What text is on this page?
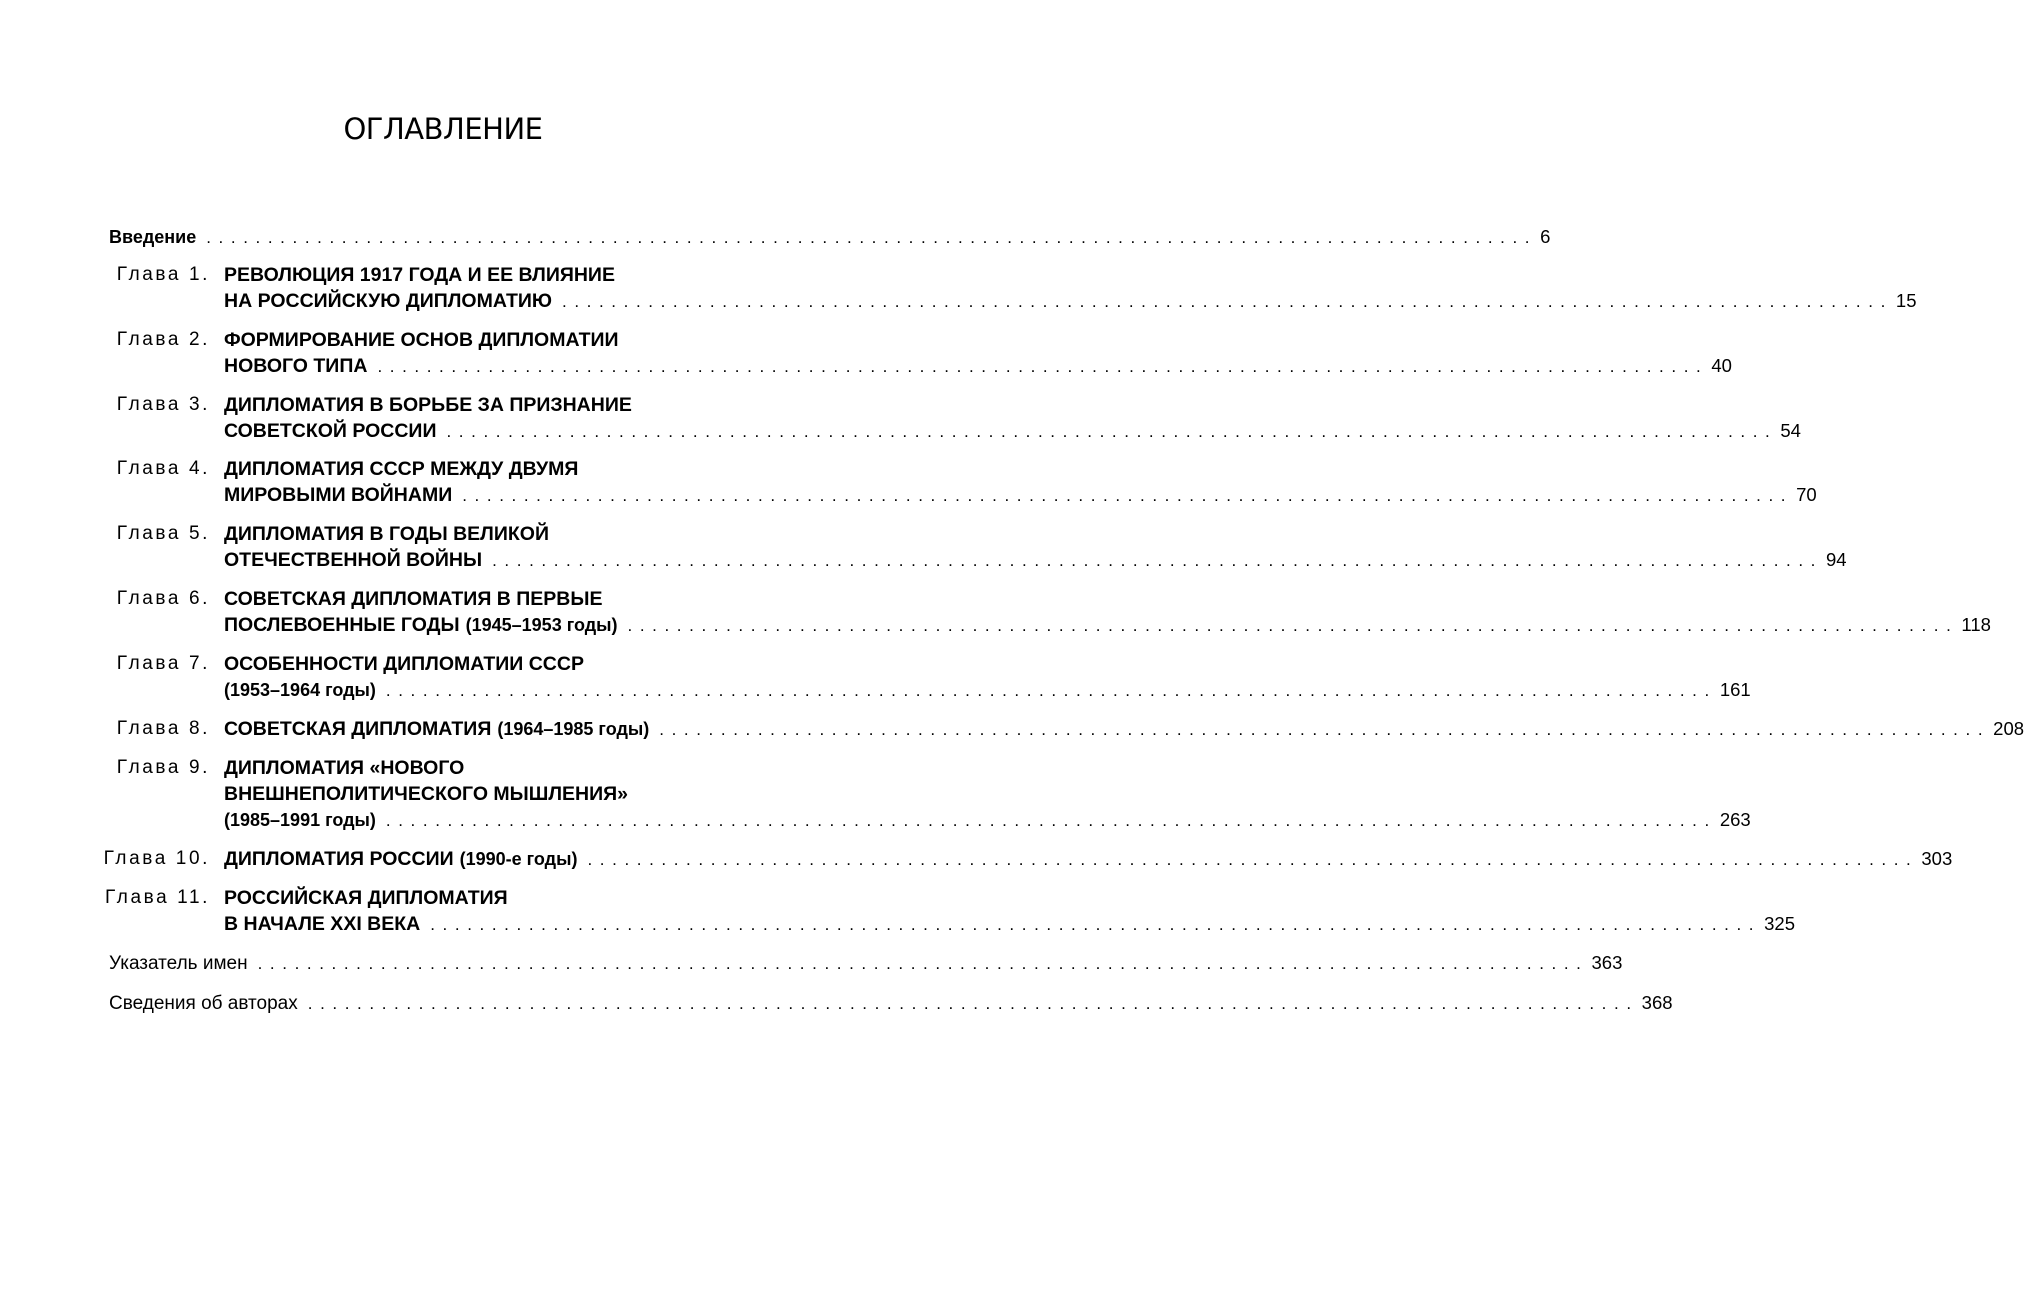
ОГЛАВЛЕНИЕ
Введение ............................................................................................................ 6
Глава 1. РЕВОЛЮЦИЯ 1917 ГОДА И ЕЕ ВЛИЯНИЕ
НА РОССИЙСКУЮ ДИПЛОМАТИЮ ............................................................................................................ 15
Глава 2. ФОРМИРОВАНИЕ ОСНОВ ДИПЛОМАТИИ
НОВОГО ТИПА ............................................................................................................ 40
Глава 3. ДИПЛОМАТИЯ В БОРЬБЕ ЗА ПРИЗНАНИЕ
СОВЕТСКОЙ РОССИИ ............................................................................................................ 54
Глава 4. ДИПЛОМАТИЯ СССР МЕЖДУ ДВУМЯ
МИРОВЫМИ ВОЙНАМИ ............................................................................................................ 70
Глава 5. ДИПЛОМАТИЯ В ГОДЫ ВЕЛИКОЙ
ОТЕЧЕСТВЕННОЙ ВОЙНЫ ............................................................................................................ 94
Глава 6. СОВЕТСКАЯ ДИПЛОМАТИЯ В ПЕРВЫЕ
ПОСЛЕВОЕННЫЕ ГОДЫ (1945–1953 годы) ............................................................................................................ 118
Глава 7. ОСОБЕННОСТИ ДИПЛОМАТИИ СССР
(1953–1964 годы) ............................................................................................................ 161
Глава 8. СОВЕТСКАЯ ДИПЛОМАТИЯ (1964–1985 годы) ............................................................................................................ 208
Глава 9. ДИПЛОМАТИЯ «НОВОГО
ВНЕШНЕПОЛИТИЧЕСКОГО МЫШЛЕНИЯ»
(1985–1991 годы) ............................................................................................................ 263
Глава 10. ДИПЛОМАТИЯ РОССИИ (1990-е годы) ............................................................................................................ 303
Глава 11. РОССИЙСКАЯ ДИПЛОМАТИЯ
В НАЧАЛЕ XXI ВЕКА ............................................................................................................ 325
Указатель имен ............................................................................................................ 363
Сведения об авторах ............................................................................................................ 368
